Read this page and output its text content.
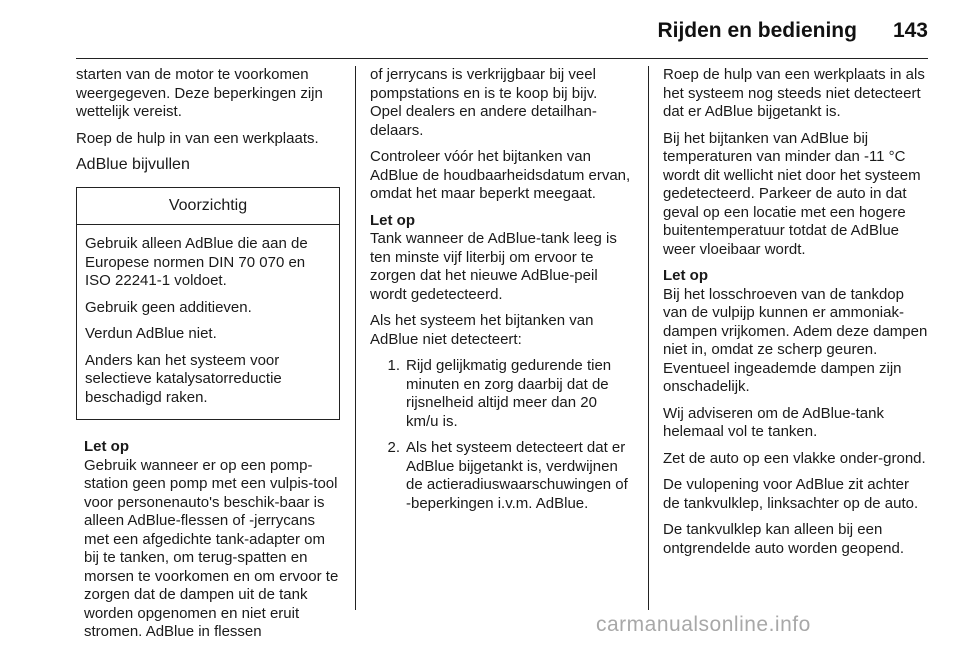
Rijden en bediening 143

starten van de motor te voorkomen weergegeven. Deze beperkingen zijn wettelijk vereist.

Roep de hulp in van een werkplaats.

AdBlue bijvullen
Voorzichtig

Gebruik alleen AdBlue die aan de Europese normen DIN 70 070 en ISO 22241-1 voldoet.

Gebruik geen additieven.

Verdun AdBlue niet.

Anders kan het systeem voor selectieve katalysatorreductie beschadigd raken.

Let op

Gebruik wanneer er op een pomp-station geen pomp met een vulpis-tool voor personenauto's beschik-baar is alleen AdBlue-flessen of -jerrycans met een afgedichte tank-adapter om bij te tanken, om terug-spatten en morsen te voorkomen en om ervoor te zorgen dat de dampen uit de tank worden opgenomen en niet eruit stromen. AdBlue in flessen

of jerrycans is verkrijgbaar bij veel pompstations en is te koop bij bijv. Opel dealers en andere detailhan-delaars.

Controleer vóór het bijtanken van AdBlue de houdbaarheidsdatum ervan, omdat het maar beperkt meegaat.

Let op

Tank wanneer de AdBlue-tank leeg is ten minste vijf literbij om ervoor te zorgen dat het nieuwe AdBlue-peil wordt gedetecteerd.

Als het systeem het bijtanken van AdBlue niet detecteert:

1. Rijd gelijkmatig gedurende tien minuten en zorg daarbij dat de rijsnelheid altijd meer dan 20 km/u is.
2. Als het systeem detecteert dat er AdBlue bijgetankt is, verdwijnen de actieradiuswaarschuwingen of -beperkingen i.v.m. AdBlue.

Roep de hulp van een werkplaats in als het systeem nog steeds niet detecteert dat er AdBlue bijgetankt is.

Bij het bijtanken van AdBlue bij temperaturen van minder dan -11 °C wordt dit wellicht niet door het systeem gedetecteerd. Parkeer de auto in dat geval op een locatie met een hogere buitentemperatuur totdat de AdBlue weer vloeibaar wordt.

Let op

Bij het losschroeven van de tankdop van de vulpijp kunnen er ammoniak-dampen vrijkomen. Adem deze dampen niet in, omdat ze scherp geuren. Eventueel ingeademde dampen zijn onschadelijk.

Wij adviseren om de AdBlue-tank helemaal vol te tanken.

Zet de auto op een vlakke onder-grond.

De vulopening voor AdBlue zit achter de tankvulklep, linksachter op de auto.

De tankvulklep kan alleen bij een ontgrendelde auto worden geopend.

carmanualsonline.info
